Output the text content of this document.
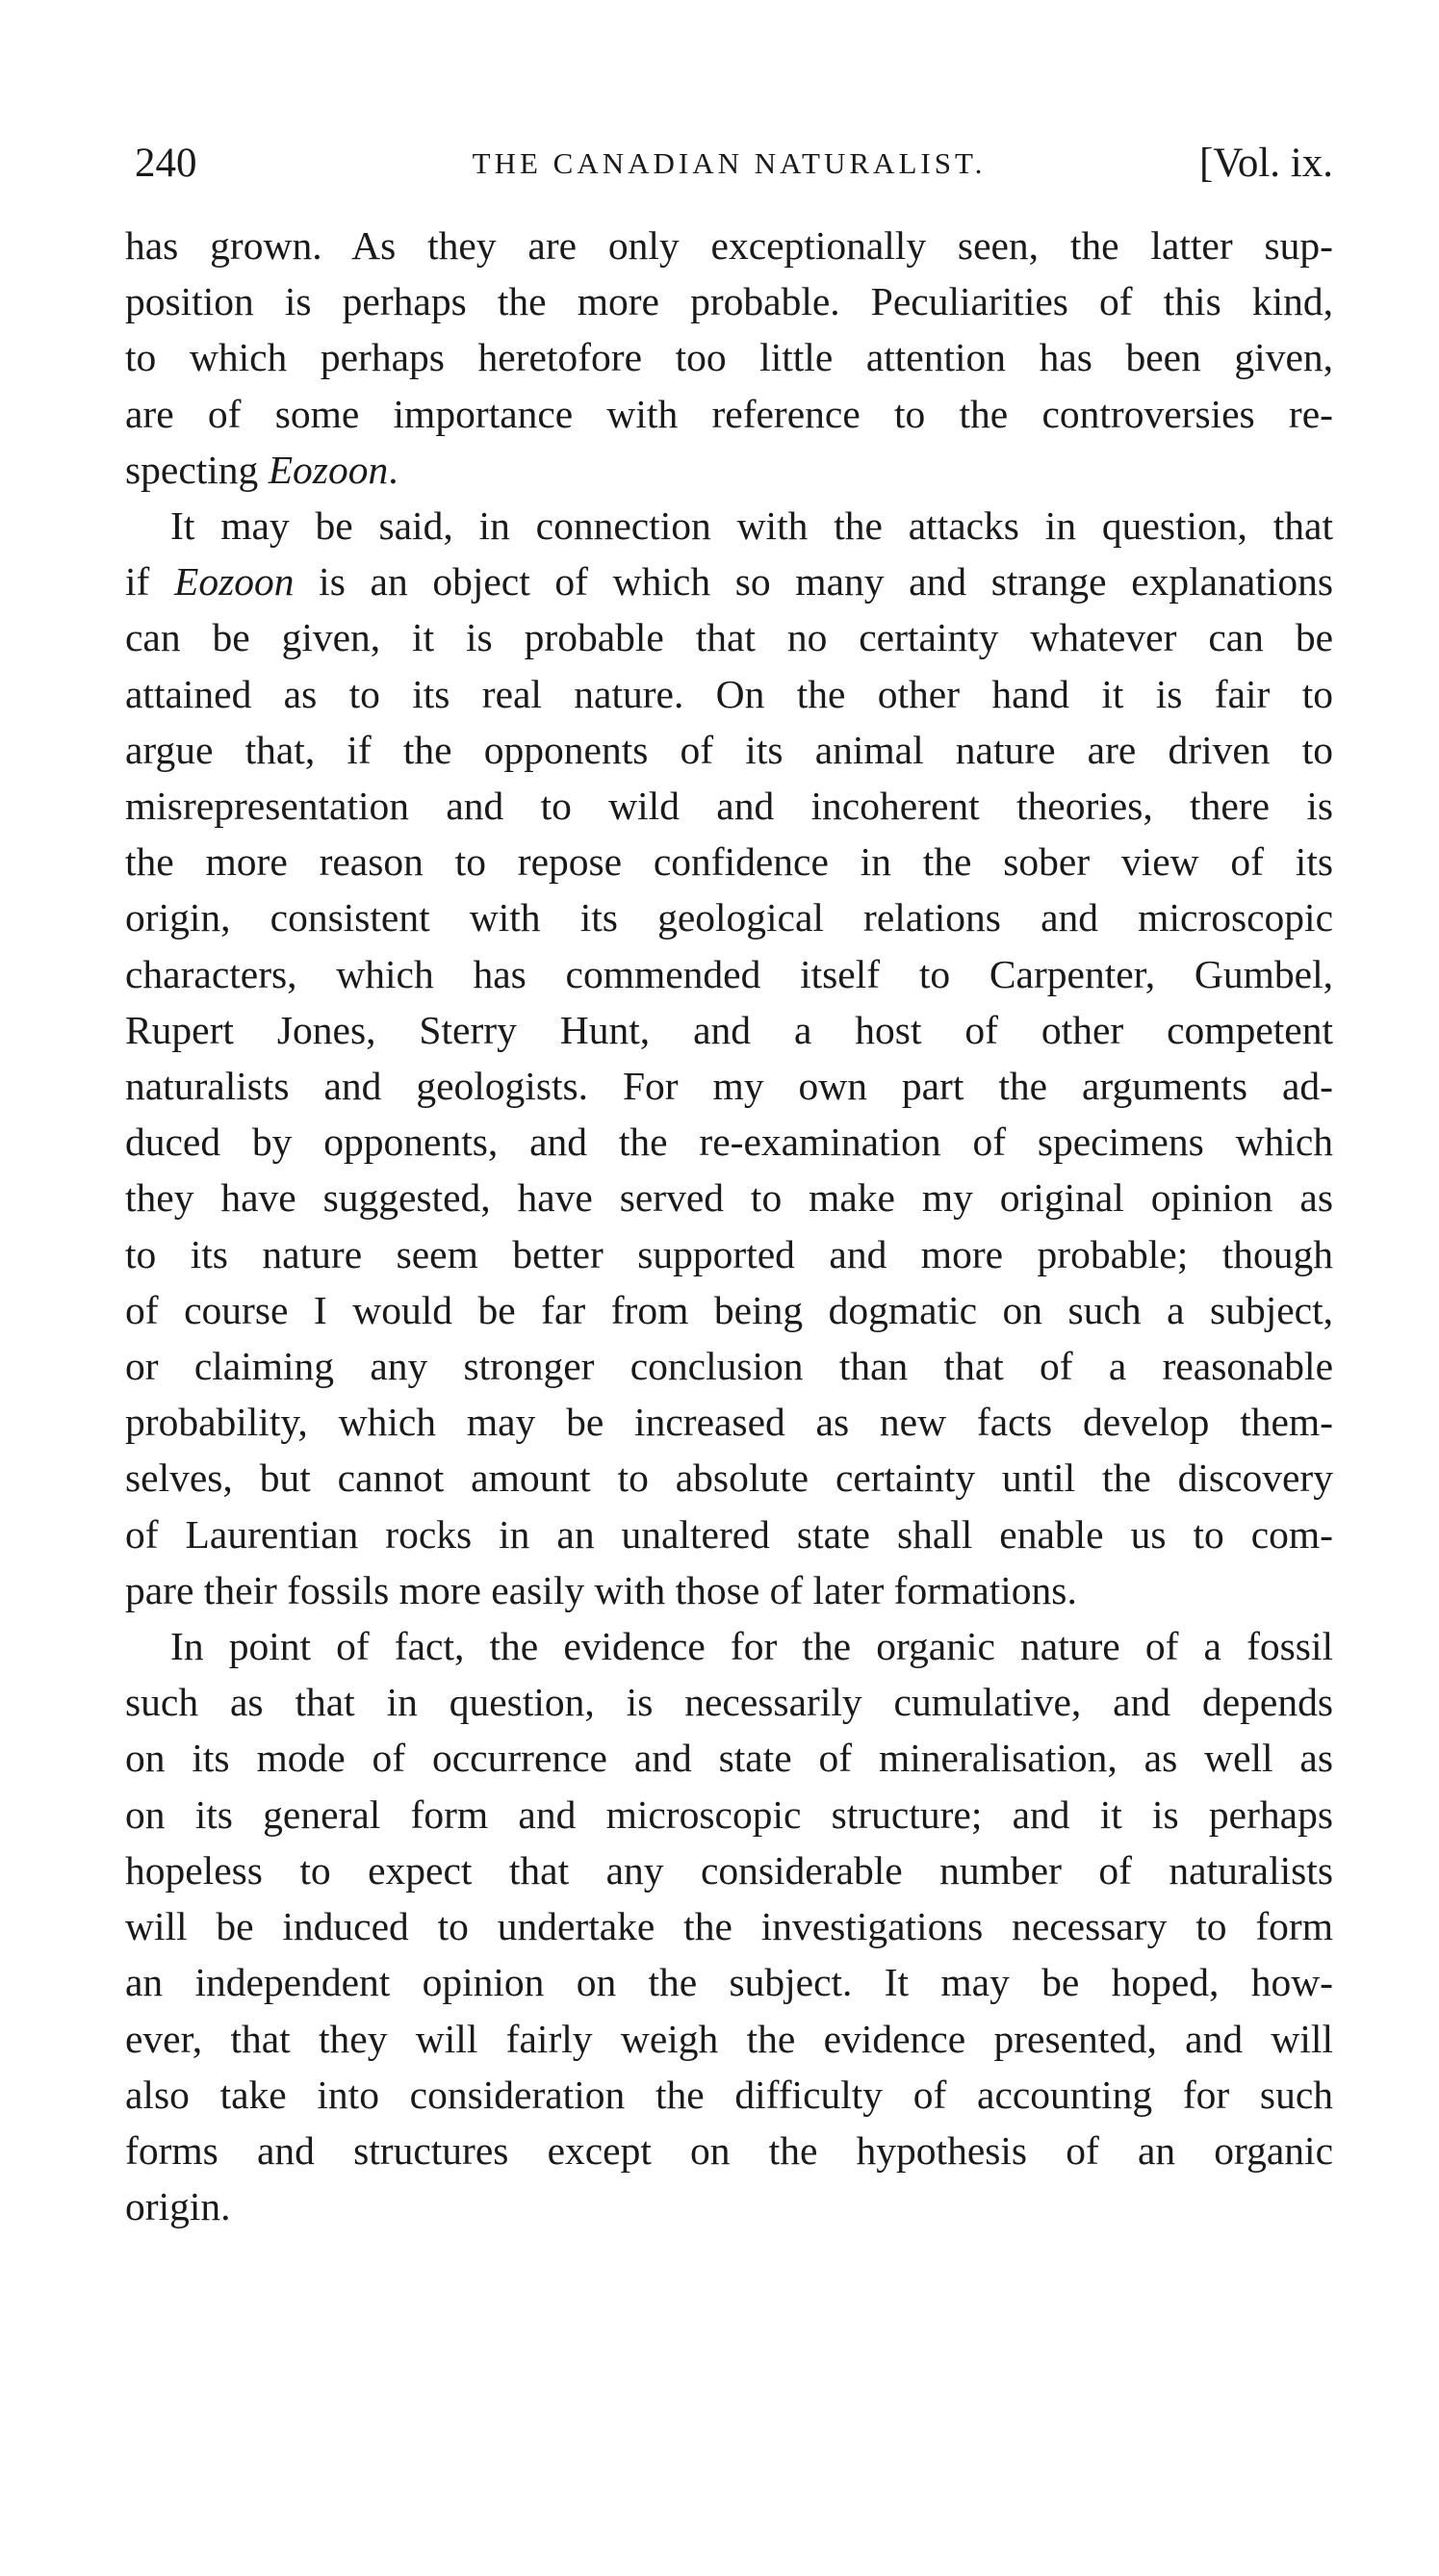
240	THE CANADIAN NATURALIST.	[Vol. ix.

has grown. As they are only exceptionally seen, the latter sup-
position is perhaps the more probable. Peculiarities of this kind,
to which perhaps heretofore too little attention has been given,
are of some importance with reference to the controversies re-
specting Eozoon.

It may be said, in connection with the attacks in question, that
if Eozoon is an object of which so many and strange explanations
can be given, it is probable that no certainty whatever can be
attained as to its real nature. On the other hand it is fair to
argue that, if the opponents of its animal nature are driven to
misrepresentation and to wild and incoherent theories, there is
the more reason to repose confidence in the sober view of its
origin, consistent with its geological relations and microscopic
characters, which has commended itself to Carpenter, Gumbel,
Rupert Jones, Sterry Hunt, and a host of other competent
naturalists and geologists. For my own part the arguments ad-
duced by opponents, and the re-examination of specimens which
they have suggested, have served to make my original opinion as
to its nature seem better supported and more probable; though
of course I would be far from being dogmatic on such a subject,
or claiming any stronger conclusion than that of a reasonable
probability, which may be increased as new facts develop them-
selves, but cannot amount to absolute certainty until the discovery
of Laurentian rocks in an unaltered state shall enable us to com-
pare their fossils more easily with those of later formations.

In point of fact, the evidence for the organic nature of a fossil
such as that in question, is necessarily cumulative, and depends
on its mode of occurrence and state of mineralisation, as well as
on its general form and microscopic structure; and it is perhaps
hopeless to expect that any considerable number of naturalists
will be induced to undertake the investigations necessary to form
an independent opinion on the subject. It may be hoped, how-
ever, that they will fairly weigh the evidence presented, and will
also take into consideration the difficulty of accounting for such
forms and structures except on the hypothesis of an organic
origin.
